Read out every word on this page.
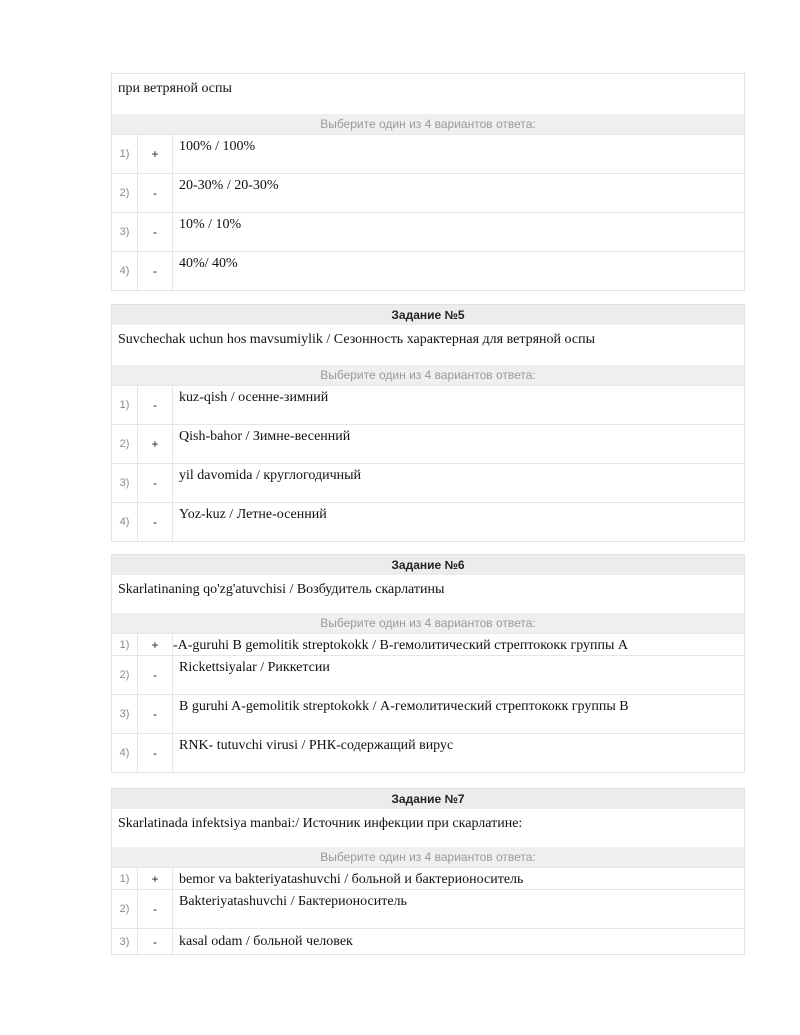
при ветряной оспы
Выберите один из 4 вариантов ответа:
1)	+	100% / 100%
2)	-	20-30% / 20-30%
3)	-	10% / 10%
4)	-	40%/ 40%
Задание №5
Suvchechak uchun hos mavsumiylik / Сезонность характерная для ветряной оспы
Выберите один из 4 вариантов ответа:
1)	-	kuz-qish / осенне-зимний
2)	+	Qish-bahor / Зимне-весенний
3)	-	yil davomida / круглогодичный
4)	-	Yoz-kuz / Летне-осенний
Задание №6
Skarlatinaning qo'zg'atuvchisi / Возбудитель скарлатины
Выберите один из 4 вариантов ответа:
1)	+	-A-guruhi B gemolitik streptokokk / B-гемолитический стрептококк группы А
2)	-	Rickettsiyalar / Риккетсии
3)	-	B guruhi A-gemolitik streptokokk / А-гемолитический стрептококк группы В
4)	-	RNK- tutuvchi virusi / РНК-содержащий вирус
Задание №7
Skarlatinada infektsiya manbai:/ Источник инфекции при скарлатине:
Выберите один из 4 вариантов ответа:
1)	+	bemor va bakteriyatashuvchi / больной и бактерионоситель
2)	-	Bakteriyatashuvchi / Бактерионоситель
3)	-	kasal odam / больной человек
